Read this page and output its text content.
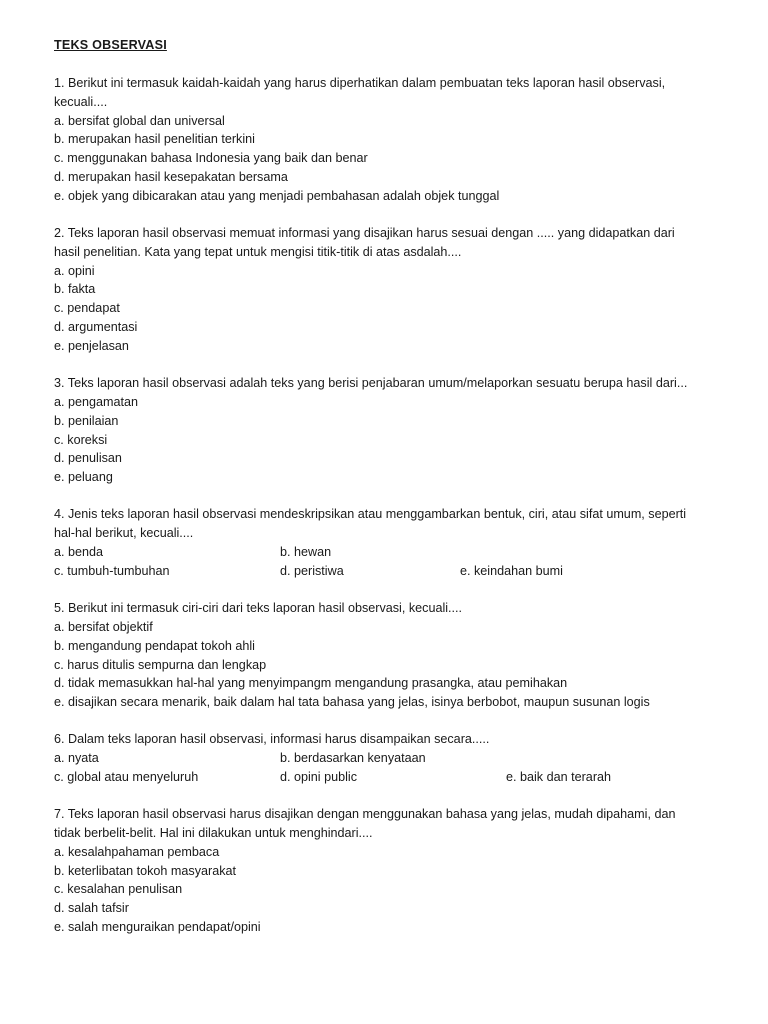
TEKS OBSERVASI
1. Berikut ini termasuk kaidah-kaidah yang harus diperhatikan dalam pembuatan teks laporan hasil observasi,
kecuali....
a. bersifat global dan universal
b. merupakan hasil penelitian terkini
c. menggunakan bahasa Indonesia yang baik dan benar
d. merupakan hasil kesepakatan bersama
e. objek yang dibicarakan atau yang menjadi pembahasan adalah objek tunggal
2. Teks laporan hasil observasi memuat informasi yang disajikan harus sesuai dengan ..... yang didapatkan dari
hasil penelitian. Kata yang tepat untuk mengisi titik-titik di atas asdalah....
a. opini
b. fakta
c. pendapat
d. argumentasi
e. penjelasan
3. Teks laporan hasil observasi adalah teks yang berisi penjabaran umum/melaporkan sesuatu berupa hasil dari...
a. pengamatan
b. penilaian
c. koreksi
d. penulisan
e. peluang
4. Jenis teks laporan hasil observasi mendeskripsikan atau menggambarkan bentuk, ciri, atau sifat umum, seperti
hal-hal berikut, kecuali....
a. benda	b. hewan
c. tumbuh-tumbuhan	d. peristiwa	e. keindahan bumi
5. Berikut ini termasuk ciri-ciri dari teks laporan hasil observasi, kecuali....
a. bersifat objektif
b. mengandung pendapat tokoh ahli
c. harus ditulis sempurna dan lengkap
d. tidak memasukkan hal-hal yang menyimpangm mengandung prasangka, atau pemihakan
e. disajikan secara menarik, baik dalam hal tata bahasa yang jelas, isinya berbobot, maupun susunan logis
6. Dalam teks laporan hasil observasi, informasi harus disampaikan secara.....
a. nyata	b. berdasarkan kenyataan
c. global atau menyeluruh	d. opini public	e. baik dan terarah
7. Teks laporan hasil observasi harus disajikan dengan menggunakan bahasa yang jelas, mudah dipahami, dan
tidak berbelit-belit. Hal ini dilakukan untuk menghindari....
a. kesalahpahaman pembaca
b. keterlibatan tokoh masyarakat
c. kesalahan penulisan
d. salah tafsir
e. salah menguraikan pendapat/opini
